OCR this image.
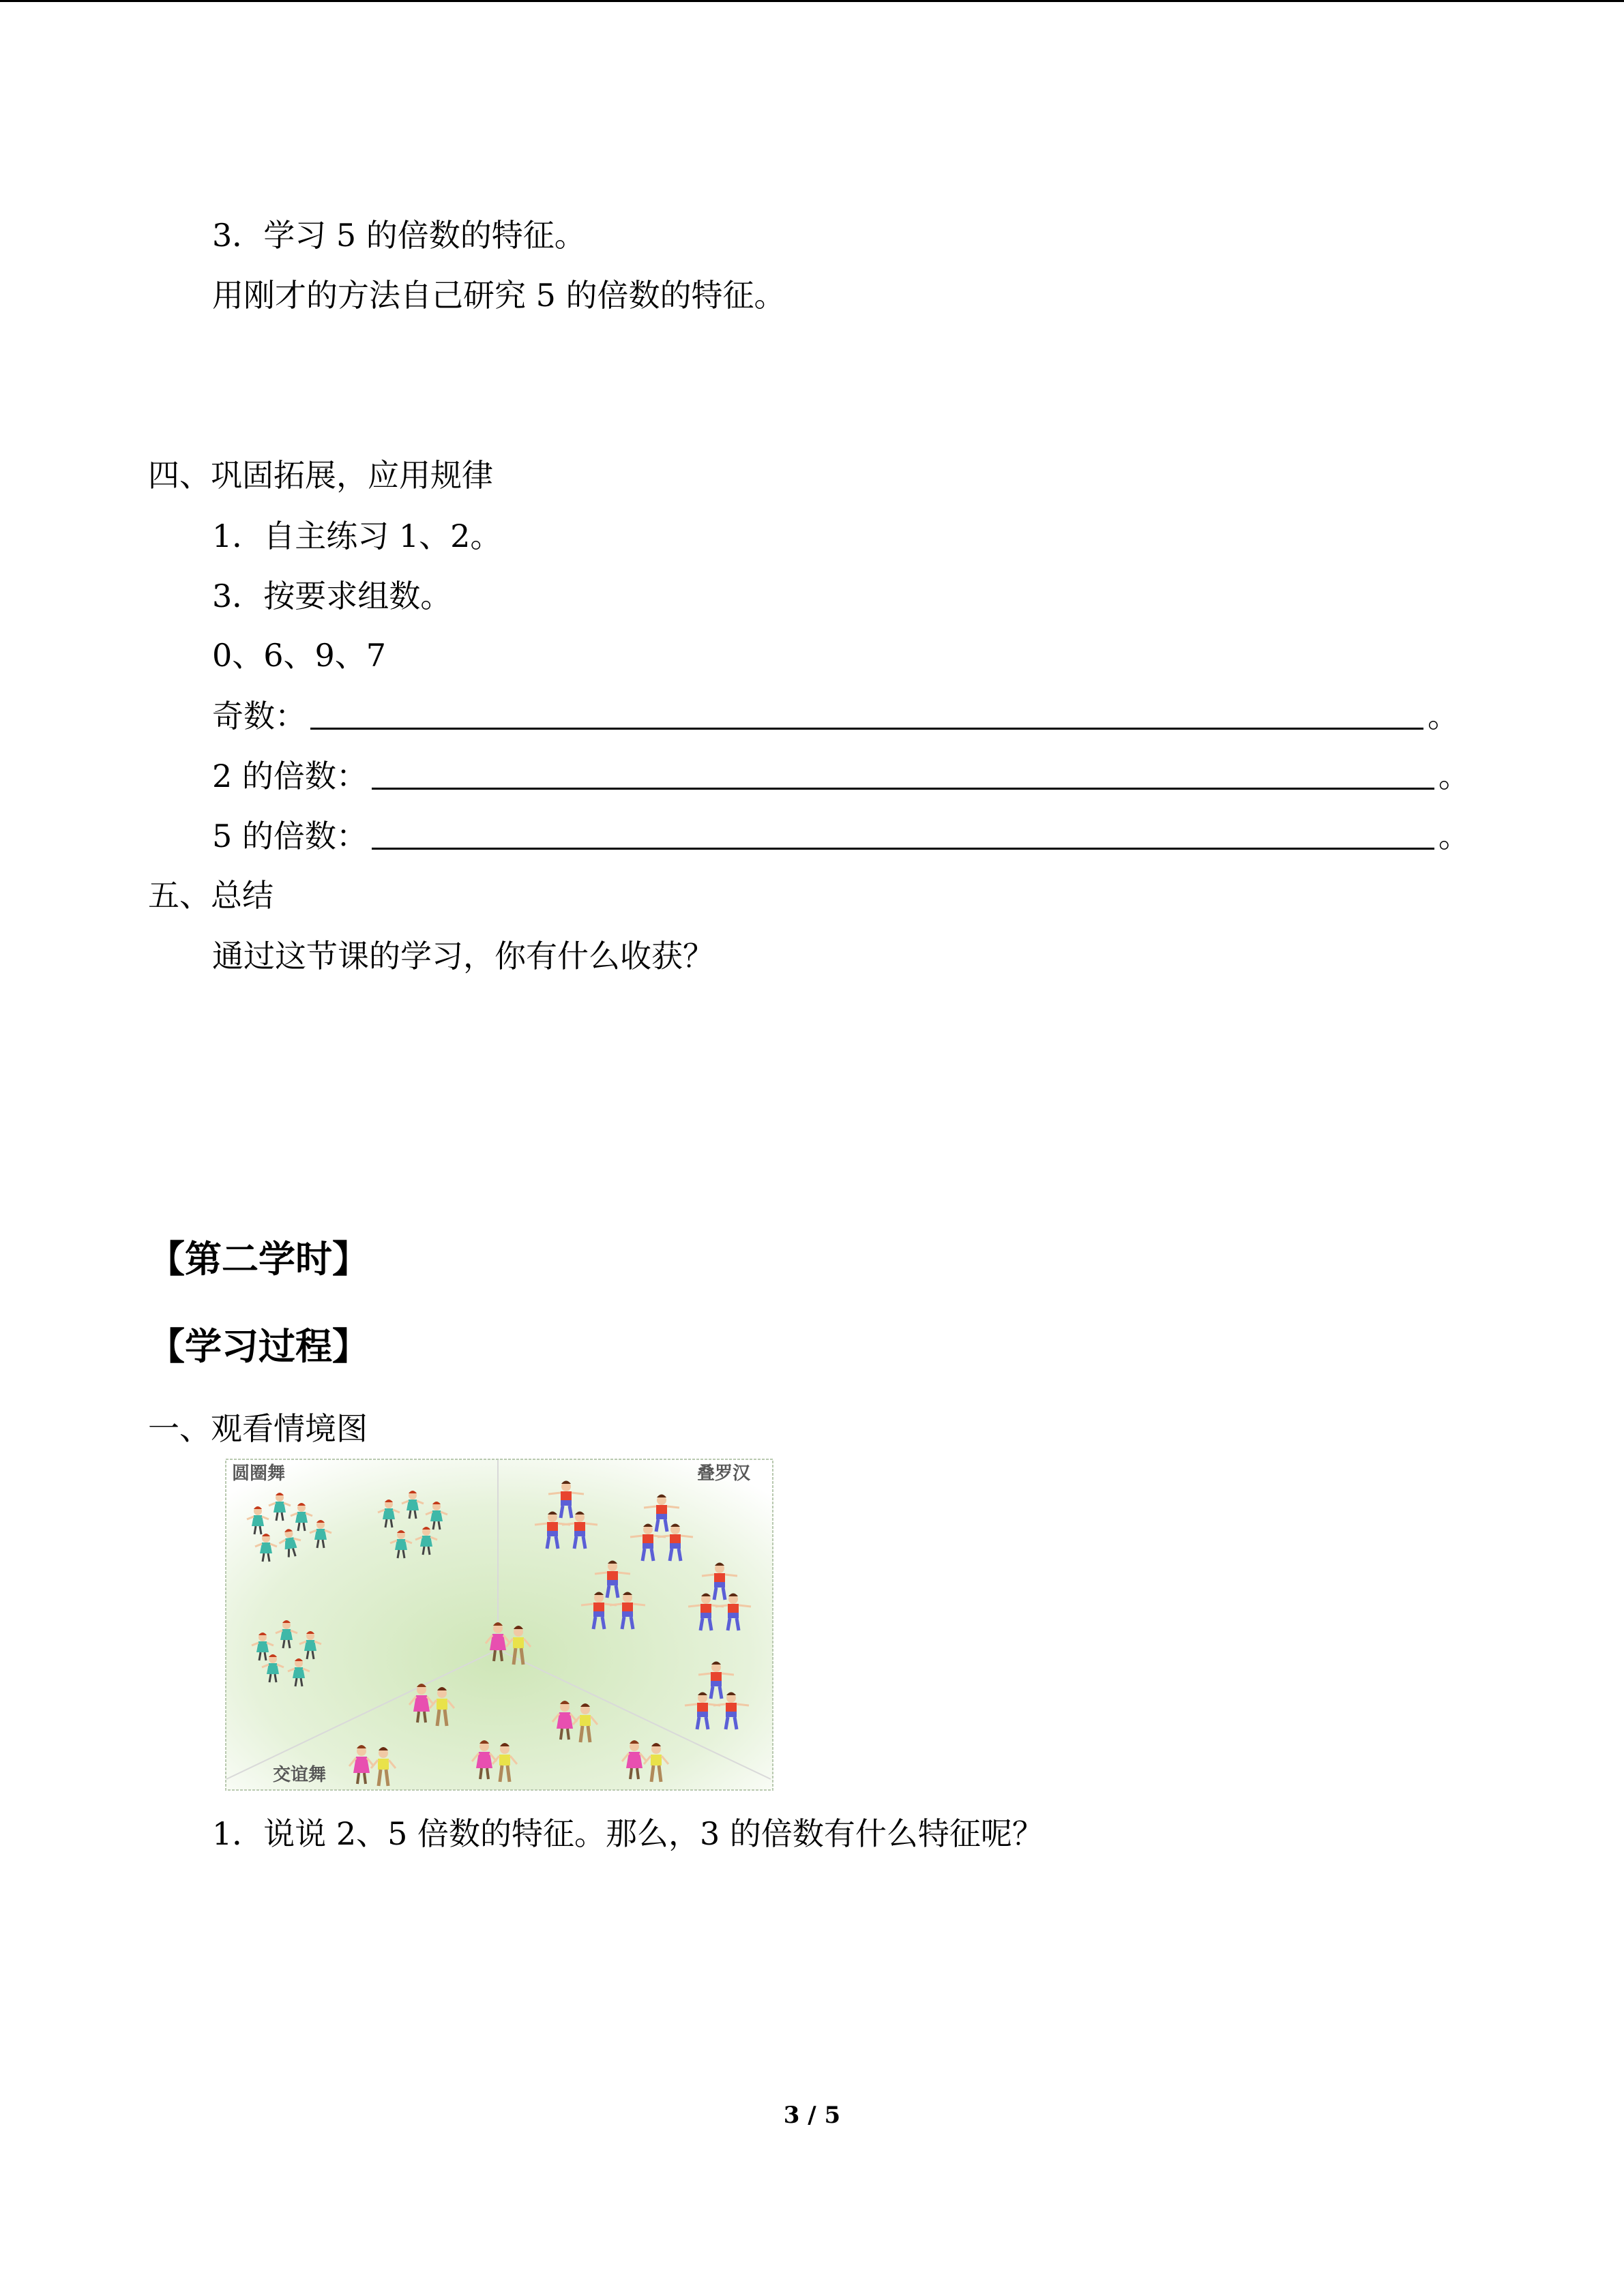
3．学习 5 的倍数的特征。
用刚才的方法自己研究 5 的倍数的特征。
四、巩固拓展，应用规律
1．自主练习 1、2。
3．按要求组数。
0、6、9、7
奇数：	。
2 的倍数：	。
5 的倍数：	。
五、总结
通过这节课的学习，你有什么收获？
【第二学时】
【学习过程】
一、观看情境图
圆圈舞	叠罗汉
交谊舞
1．说说 2、5 倍数的特征。那么，3 的倍数有什么特征呢？
3 / 5
